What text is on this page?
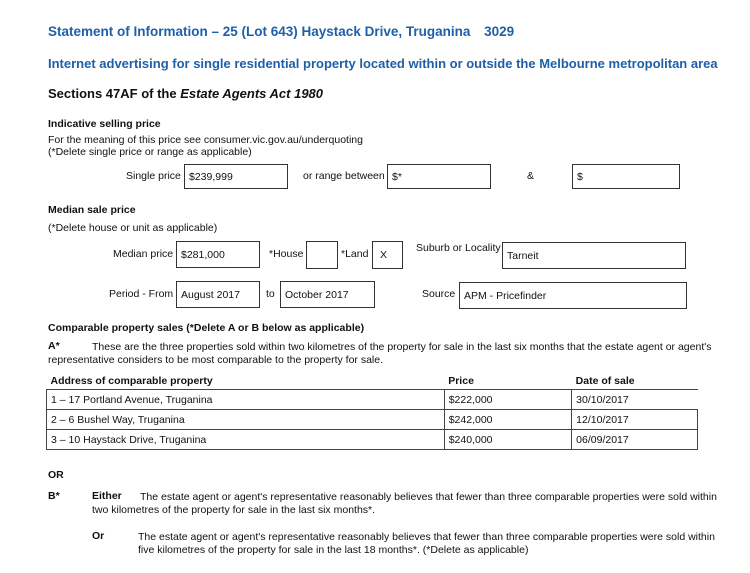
Statement of Information – 25 (Lot 643) Haystack Drive, Truganina 3029
Internet advertising for single residential property located within or outside the Melbourne metropolitan area
Sections 47AF of the Estate Agents Act 1980
Indicative selling price
For the meaning of this price see consumer.vic.gov.au/underquoting
(*Delete single price or range as applicable)
Single price $239,999	or range between $*	&	$
Median sale price
(*Delete house or unit as applicable)
Median price $281,000	*House	*Land	X
Suburb or Locality
Tarneit
Period - From August 2017	to October 2017	Source APM - Pricefinder
Comparable property sales (*Delete A or B below as applicable)
A*	These are the three properties sold within two kilometres of the property for sale in the last six months that the estate agent or agent's representative considers to be most comparable to the property for sale.
Address of comparable property	Price	Date of sale
1 – 17 Portland Avenue, Truganina	$222,000	30/10/2017
2 – 6 Bushel Way, Truganina	$242,000	12/10/2017
3 – 10 Haystack Drive, Truganina	$240,000	06/09/2017
OR
B*	Either	The estate agent or agent's representative reasonably believes that fewer than three comparable properties were sold within two kilometres of the property for sale in the last six months*.
Or	The estate agent or agent's representative reasonably believes that fewer than three comparable properties were sold within five kilometres of the property for sale in the last 18 months*. (*Delete as applicable)
